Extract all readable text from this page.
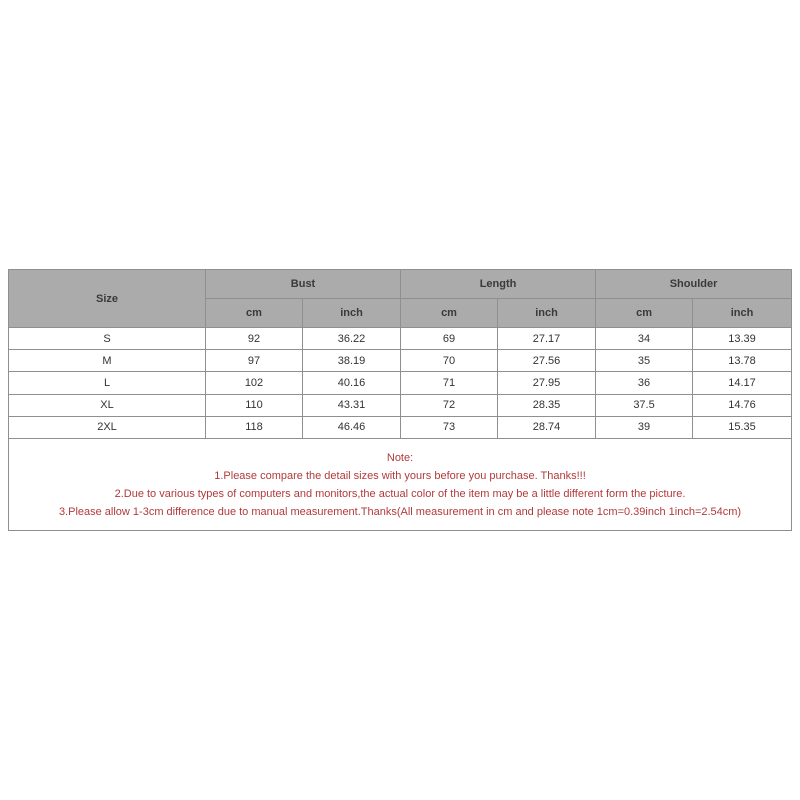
Size	Bust		Length		Shoulder	
	cm	inch	cm	inch	cm	inch
S	92	36.22	69	27.17	34	13.39
M	97	38.19	70	27.56	35	13.78
L	102	40.16	71	27.95	36	14.17
XL	110	43.31	72	28.35	37.5	14.76
2XL	118	46.46	73	28.74	39	15.35

Note:
1.Please compare the detail sizes with yours before you purchase. Thanks!!!
2.Due to various types of computers and monitors,the actual color of the item may be a little different form the picture.
3.Please allow 1-3cm difference due to manual measurement.Thanks(All measurement in cm and please note 1cm=0.39inch 1inch=2.54cm)						
